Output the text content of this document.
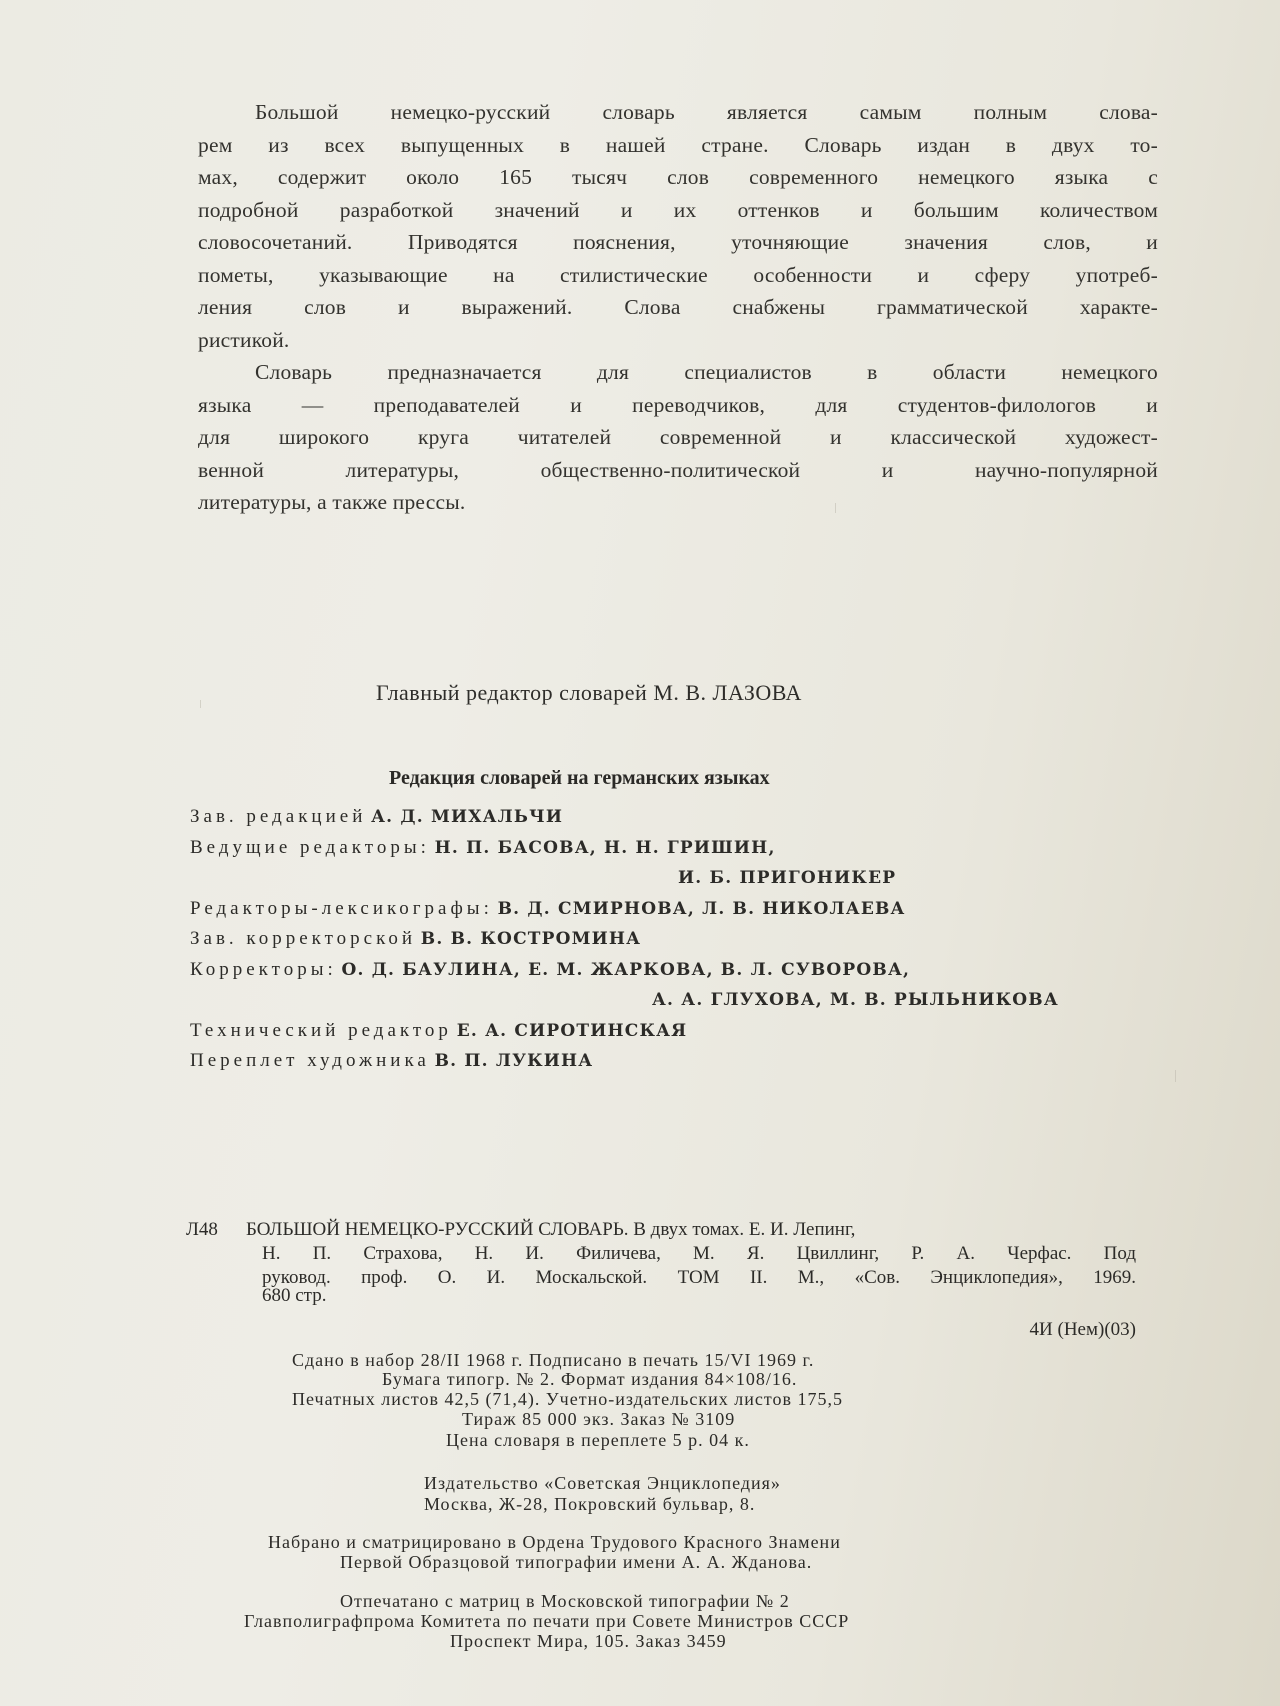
Большой немецко-русский словарь является самым полным слова-
рем из всех выпущенных в нашей стране. Словарь издан в двух то-
мах, содержит около 165 тысяч слов современного немецкого языка с
подробной разработкой значений и их оттенков и большим количеством
словосочетаний. Приводятся пояснения, уточняющие значения слов, и
пометы, указывающие на стилистические особенности и сферу употреб-
ления слов и выражений. Слова снабжены грамматической характе-
ристикой.

Словарь предназначается для специалистов в области немецкого
языка — преподавателей и переводчиков, для студентов-филологов и
для широкого круга читателей современной и классической художест-
венной литературы, общественно-политической и научно-популярной
литературы, а также прессы.

Главный редактор словарей М. В. ЛАЗОВА
Редакция словарей на германских языках
Зав. редакцией А. Д. МИХАЛЬЧИ
Ведущие редакторы: Н. П. БАСОВА, Н. Н. ГРИШИН,
И. Б. ПРИГОНИКЕР
Редакторы-лексикографы: В. Д. СМИРНОВА, Л. В. НИКОЛАЕВА
Зав. корректорской В. В. КОСТРОМИНА
Корректоры: О. Д. БАУЛИНА, Е. М. ЖАРКОВА, В. Л. СУВОРОВА,
А. А. ГЛУХОВА, М. В. РЫЛЬНИКОВА
Технический редактор Е. А. СИРОТИНСКАЯ
Переплет художника В. П. ЛУКИНА
Л48 БОЛЬШОЙ НЕМЕЦКО-РУССКИЙ СЛОВАРЬ. В двух томах. Е. И. Лепинг,
Н. П. Страхова, Н. И. Филичева, М. Я. Цвиллинг, Р. А. Черфас. Под
руковод. проф. О. И. Москальской. ТОМ II. М., «Сов. Энциклопедия», 1969.
680 стр.
4И (Нем)(03)
Сдано в набор 28/II 1968 г. Подписано в печать 15/VI 1969 г.
Бумага типогр. № 2. Формат издания 84×108/16.
Печатных листов 42,5 (71,4). Учетно-издательских листов 175,5
Тираж 85 000 экз. Заказ № 3109
Цена словаря в переплете 5 р. 04 к.
Издательство «Советская Энциклопедия»
Москва, Ж-28, Покровский бульвар, 8.
Набрано и сматрицировано в Ордена Трудового Красного Знамени
Первой Образцовой типографии имени А. А. Жданова.
Отпечатано с матриц в Московской типографии № 2
Главполиграфпрома Комитета по печати при Совете Министров СССР
Проспект Мира, 105. Заказ 3459
